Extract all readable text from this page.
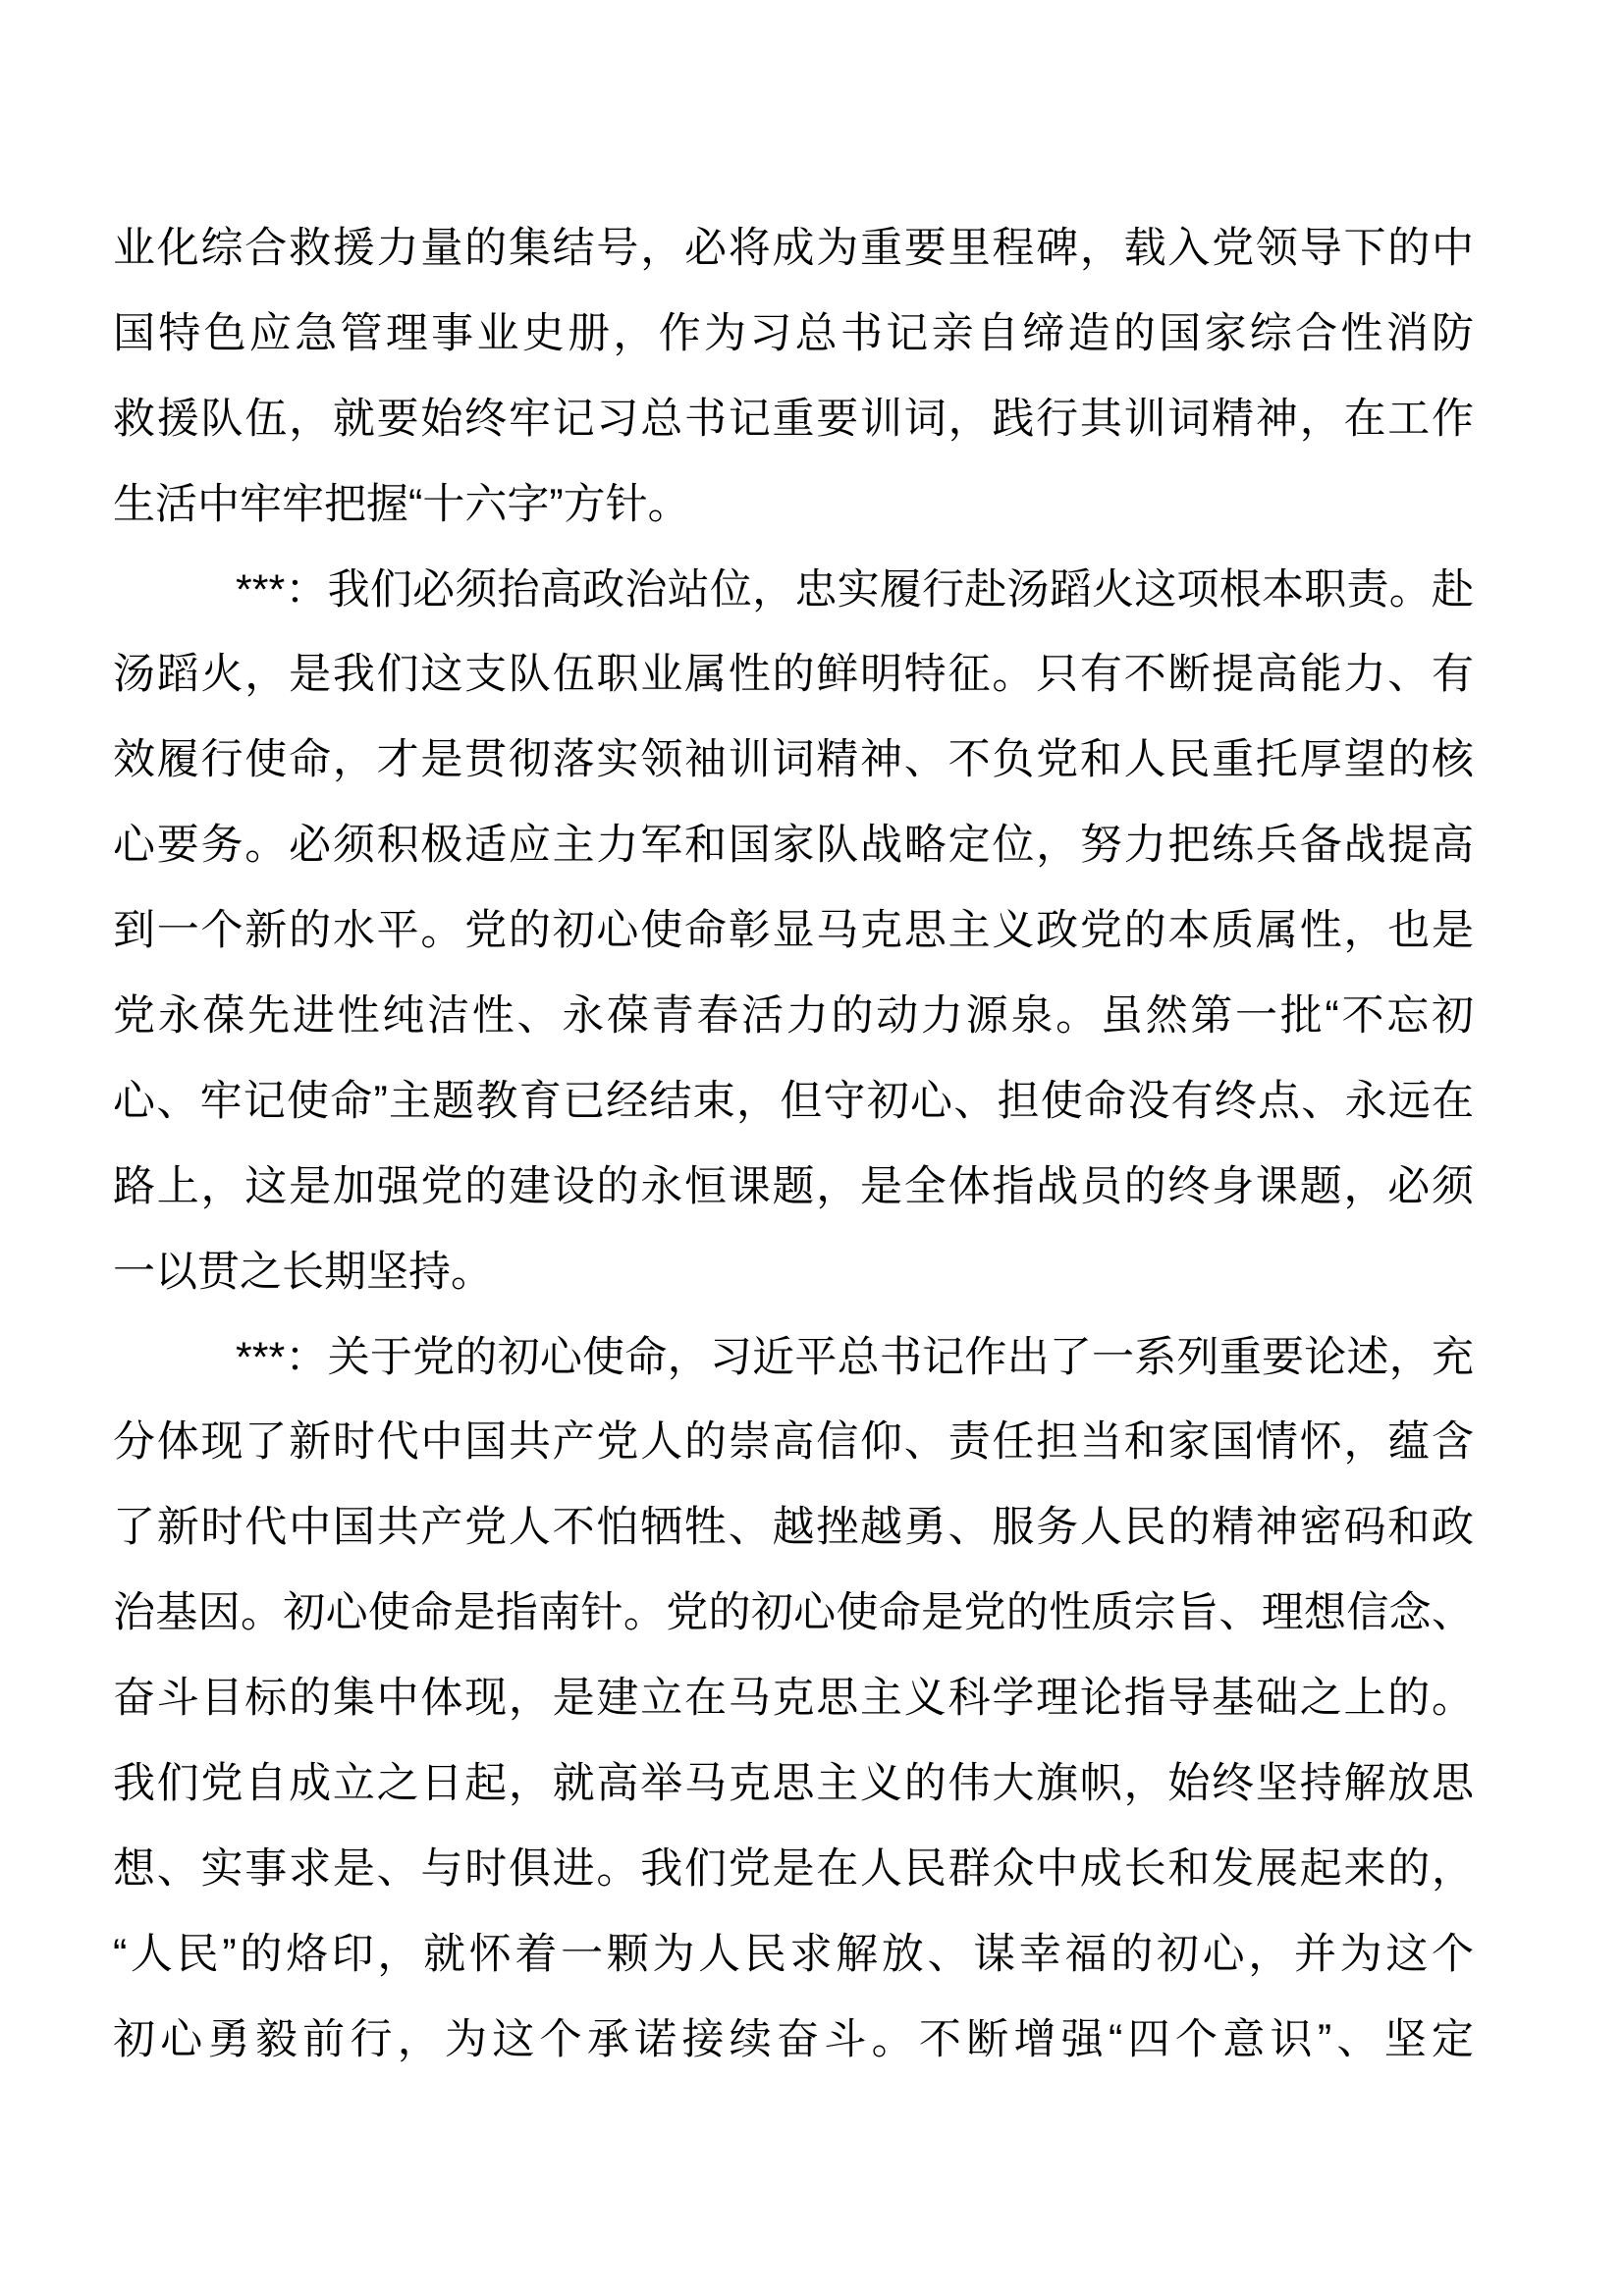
业化综合救援力量的集结号，必将成为重要里程碑，载入党领导下的中
国特色应急管理事业史册，作为习总书记亲自缔造的国家综合性消防
救援队伍，就要始终牢记习总书记重要训词，践行其训词精神，在工作
生活中牢牢把握“十六字”方针。
***：我们必须抬高政治站位，忠实履行赴汤蹈火这项根本职责。赴
汤蹈火，是我们这支队伍职业属性的鲜明特征。只有不断提高能力、有
效履行使命，才是贯彻落实领袖训词精神、不负党和人民重托厚望的核
心要务。必须积极适应主力军和国家队战略定位，努力把练兵备战提高
到一个新的水平。党的初心使命彰显马克思主义政党的本质属性，也是
党永葆先进性纯洁性、永葆青春活力的动力源泉。虽然第一批“不忘初
心、牢记使命”主题教育已经结束，但守初心、担使命没有终点、永远在
路上，这是加强党的建设的永恒课题，是全体指战员的终身课题，必须
一以贯之长期坚持。
***：关于党的初心使命，习近平总书记作出了一系列重要论述，充
分体现了新时代中国共产党人的崇高信仰、责任担当和家国情怀，蕴含
了新时代中国共产党人不怕牺牲、越挫越勇、服务人民的精神密码和政
治基因。初心使命是指南针。党的初心使命是党的性质宗旨、理想信念、
奋斗目标的集中体现，是建立在马克思主义科学理论指导基础之上的。
我们党自成立之日起，就高举马克思主义的伟大旗帜，始终坚持解放思
想、实事求是、与时俱进。我们党是在人民群众中成长和发展起来的，
“人民”的烙印，就怀着一颗为人民求解放、谋幸福的初心，并为这个
初心勇毅前行，为这个承诺接续奋斗。不断增强“四个意识”、坚定
